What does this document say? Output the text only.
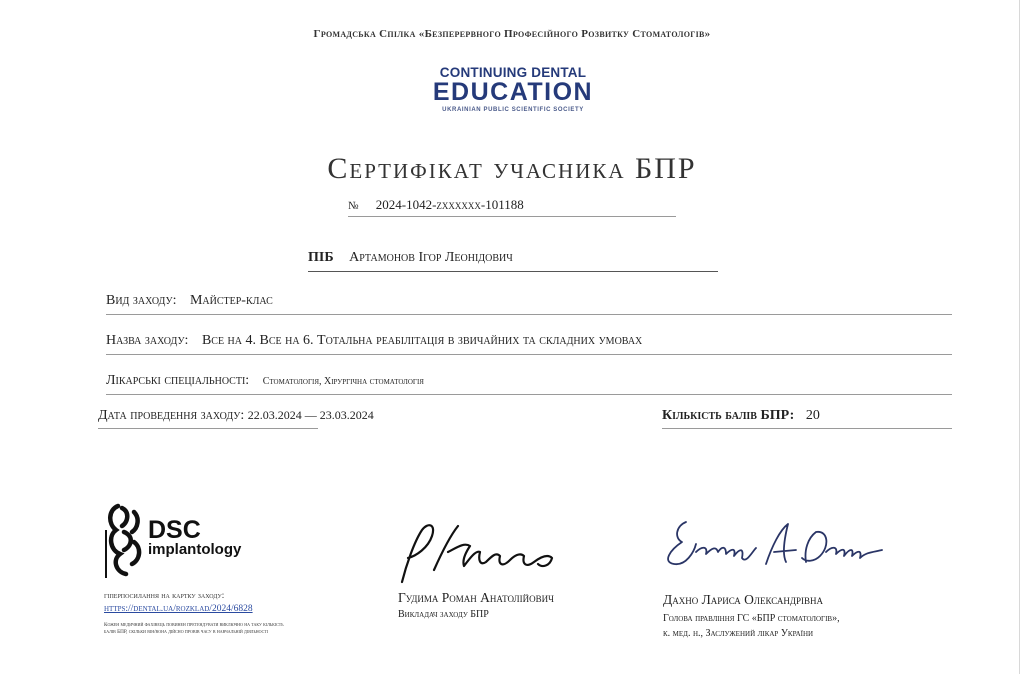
Громадська Спілка «Безперервного Професійного Розвитку Стоматологів»
CONTINUING DENTAL
EDUCATION
UKRAINIAN PUBLIC SCIENTIFIC SOCIETY
Сертифікат учасника БПР
№ 2024-1042-zxxxxxx-101188
ПІБ Артамонов Ігор Леонідович
Вид заходу: Майстер-клас
Назва заходу: Все на 4. Все на 6. Тотальна реабілітація в звичайних та складних умовах
Лікарські спеціальності: Стоматологія, Хірургічна стоматологія
Дата проведення заходу: 22.03.2024 — 23.03.2024	Кількість балів БПР: 20
DSC
implantology
гіперпосилання на картку заходу:
https://dental.ua/rozklad/2024/6828
Кожен медичний фахівець повинен претендувати виключно на таку кількість балів БПР, скільки він/вона дійсно провів часу в навчальній діяльності
Гудима Роман Анатолійович
Викладач заходу БПР
Дахно Лариса Олександрівна
Голова правління ГС «БПР стоматологів»,
к. мед. н., Заслужений лікар України
